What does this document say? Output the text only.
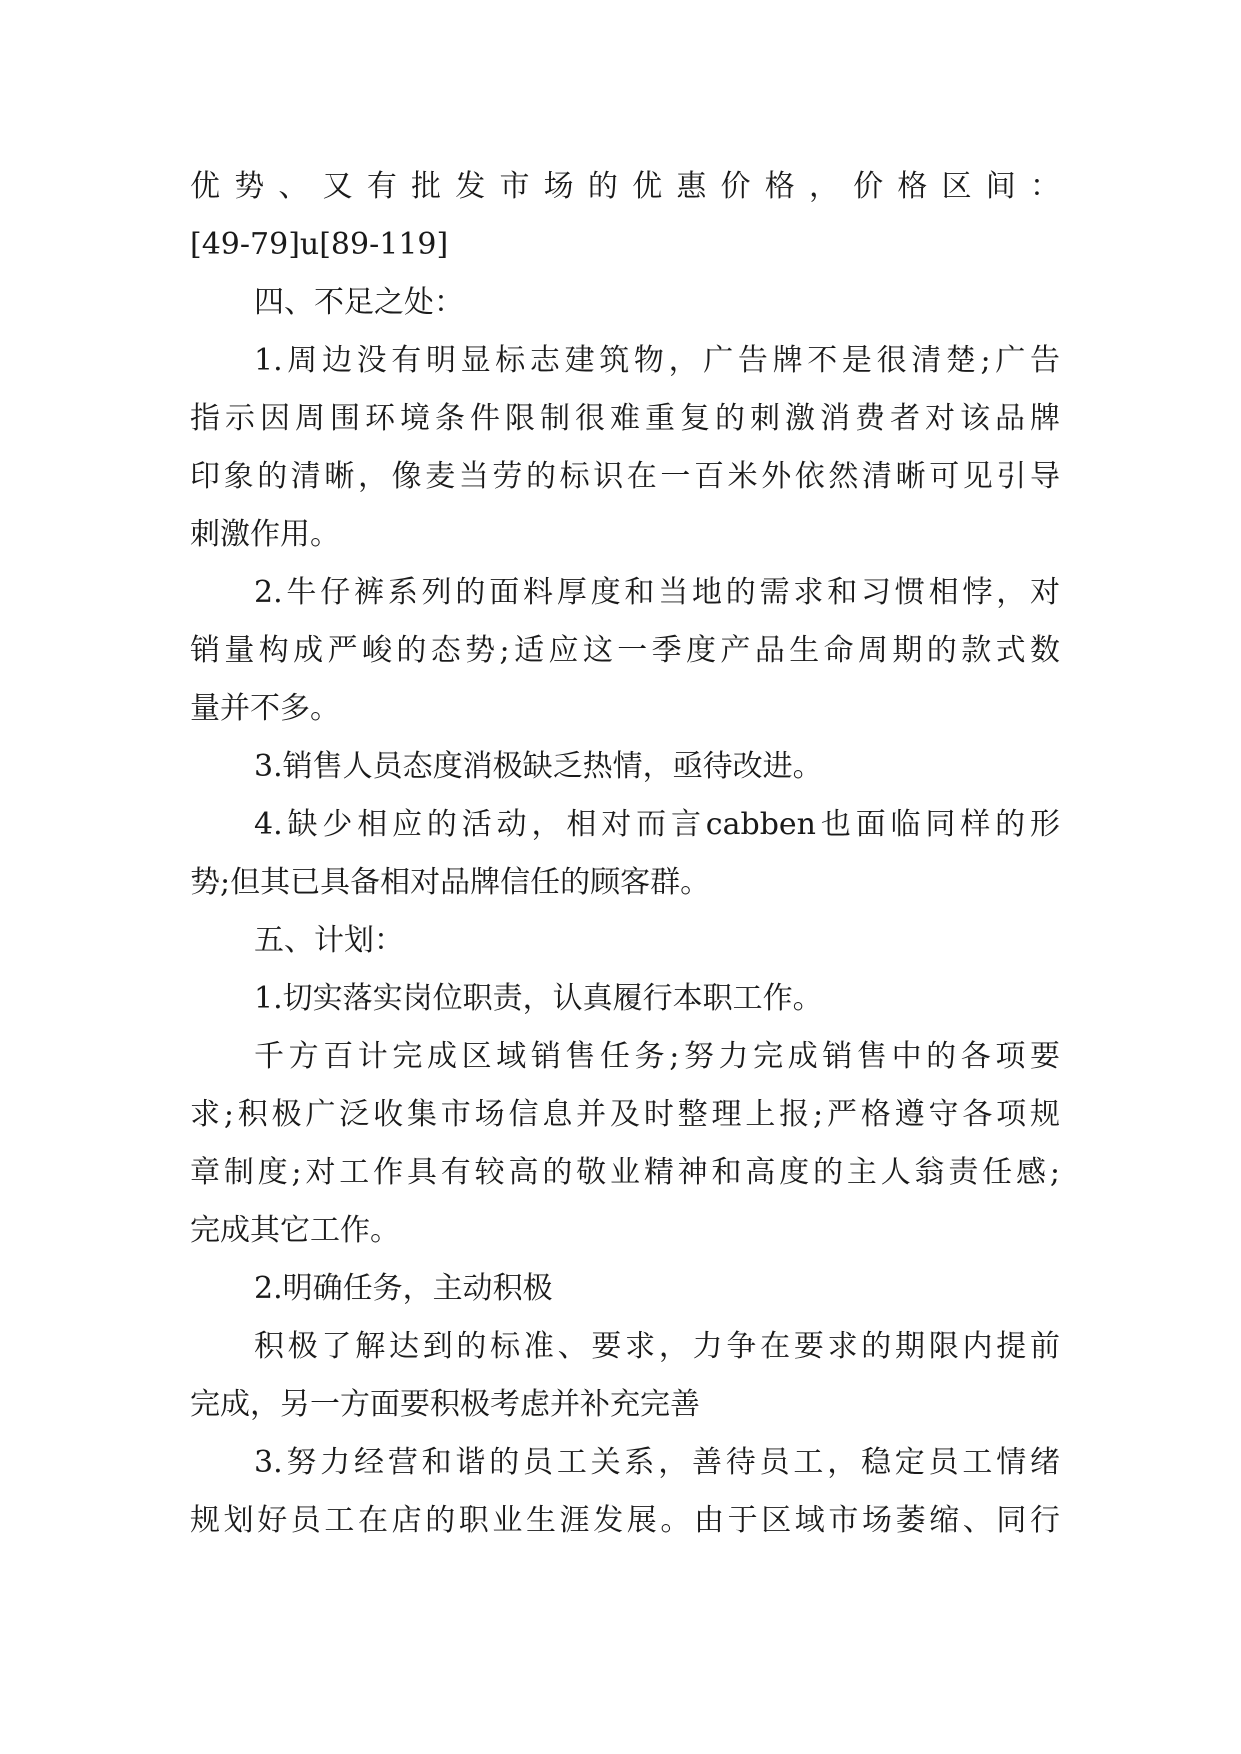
优势、又有批发市场的优惠价格，价格区间：
[49-79]u[89-119]
四、不足之处：
1.周边没有明显标志建筑物，广告牌不是很清楚;广告
指示因周围环境条件限制很难重复的刺激消费者对该品牌
印象的清晰，像麦当劳的标识在一百米外依然清晰可见引导
刺激作用。
2.牛仔裤系列的面料厚度和当地的需求和习惯相悖，对
销量构成严峻的态势;适应这一季度产品生命周期的款式数
量并不多。
3.销售人员态度消极缺乏热情，亟待改进。
4.缺少相应的活动，相对而言cabben也面临同样的形
势;但其已具备相对品牌信任的顾客群。
五、计划：
1.切实落实岗位职责，认真履行本职工作。
千方百计完成区域销售任务;努力完成销售中的各项要
求;积极广泛收集市场信息并及时整理上报;严格遵守各项规
章制度;对工作具有较高的敬业精神和高度的主人翁责任感;
完成其它工作。
2.明确任务，主动积极
积极了解达到的标准、要求，力争在要求的期限内提前
完成，另一方面要积极考虑并补充完善
3.努力经营和谐的员工关系，善待员工，稳定员工情绪
规划好员工在店的职业生涯发展。由于区域市场萎缩、同行
